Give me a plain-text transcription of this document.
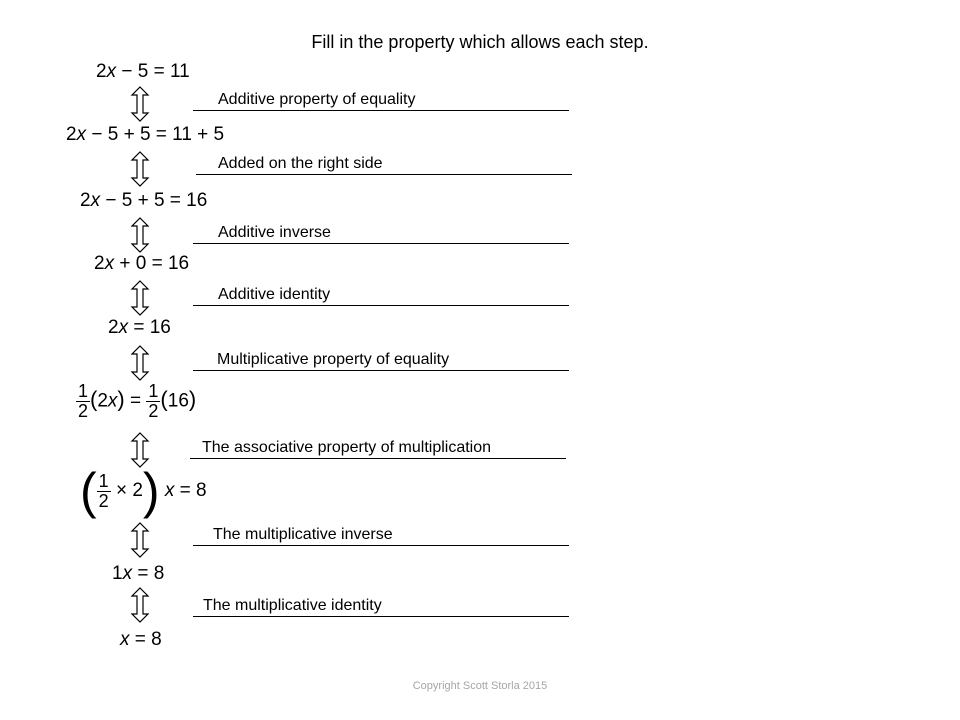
Fill in the property which allows each step.
2x − 5 = 11
2x − 5 + 5 = 11 + 5
2x − 5 + 5 = 16
2x + 0 = 16
2x = 16
$\frac{1}{2} (2x) = \frac{1}{2} (16)$
( $\frac{1}{2} \times 2$) x = 8
1x = 8
x = 8
Additive property of equality
Added on the right side
Additive inverse
Additive identity
Multiplicative property of equality
The associative property of multiplication
The multiplicative inverse
The multiplicative identity
Copyright Scott Storla 2015
